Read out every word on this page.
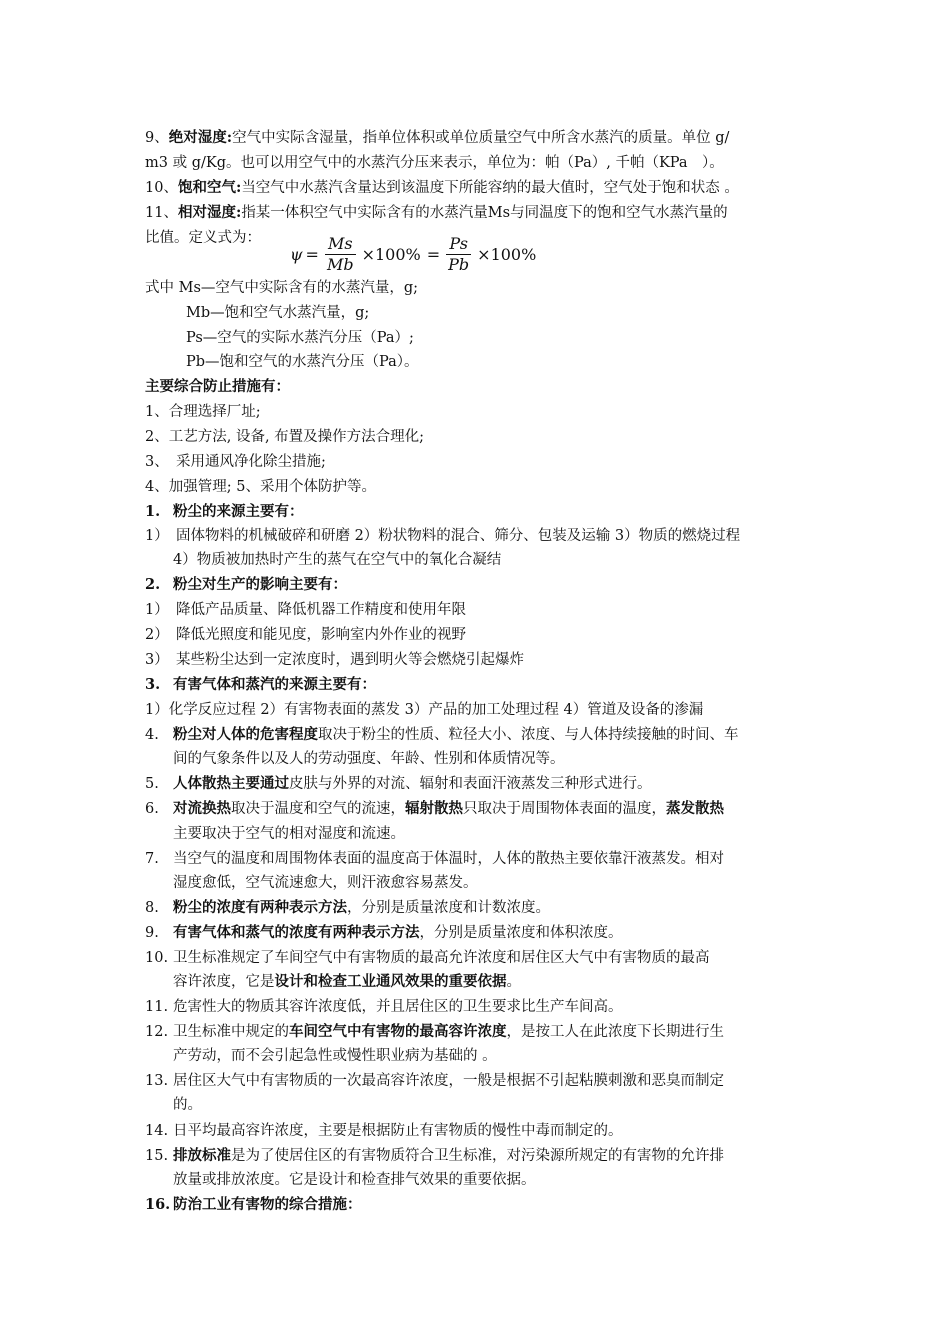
9、绝对湿度:空气中实际含湿量，指单位体积或单位质量空气中所含水蒸汽的质量。单位 g/
m3 或 g/Kg。也可以用空气中的水蒸汽分压来表示，单位为：帕（Pa）, 千帕（KPa　）。
10、饱和空气:当空气中水蒸汽含量达到该温度下所能容纳的最大值时，空气处于饱和状态 。
11、相对湿度:指某一体积空气中实际含有的水蒸汽量Ms与同温度下的饱和空气水蒸汽量的
比值。定义式为：
$\psi = \frac{Ms}{Mb} \times 100\% = \frac{Ps}{Pb} \times 100\%$
式中 Ms—空气中实际含有的水蒸汽量，g;
Mb—饱和空气水蒸汽量，g;
Ps—空气的实际水蒸汽分压（Pa）;
Pb—饱和空气的水蒸汽分压（Pa）。
主要综合防止措施有：
1、合理选择厂址;
2、工艺方法, 设备, 布置及操作方法合理化;
3、　采用通风净化除尘措施;
4、加强管理; 5、采用个体防护等。
1. 粉尘的来源主要有：
1）　固体物料的机械破碎和研磨 2）粉状物料的混合、筛分、包装及运输 3）物质的燃烧过程
4）物质被加热时产生的蒸气在空气中的氧化合凝结
2. 粉尘对生产的影响主要有：
1）　降低产品质量、降低机器工作精度和使用年限
2）　降低光照度和能见度，影响室内外作业的视野
3）　某些粉尘达到一定浓度时，遇到明火等会燃烧引起爆炸
3. 有害气体和蒸汽的来源主要有：
1）化学反应过程 2）有害物表面的蒸发 3）产品的加工处理过程 4）管道及设备的渗漏
4. 粉尘对人体的危害程度取决于粉尘的性质、粒径大小、浓度、与人体持续接触的时间、车
间的气象条件以及人的劳动强度、年龄、性别和体质情况等。
5. 人体散热主要通过皮肤与外界的对流、辐射和表面汗液蒸发三种形式进行。
6. 对流换热取决于温度和空气的流速，辐射散热只取决于周围物体表面的温度，蒸发散热
主要取决于空气的相对湿度和流速。
7. 当空气的温度和周围物体表面的温度高于体温时，人体的散热主要依靠汗液蒸发。相对
湿度愈低，空气流速愈大，则汗液愈容易蒸发。
8. 粉尘的浓度有两种表示方法，分别是质量浓度和计数浓度。
9. 有害气体和蒸气的浓度有两种表示方法，分别是质量浓度和体积浓度。
10. 卫生标准规定了车间空气中有害物质的最高允许浓度和居住区大气中有害物质的最高
容许浓度，它是设计和检查工业通风效果的重要依据。
11. 危害性大的物质其容许浓度低，并且居住区的卫生要求比生产车间高。
12. 卫生标准中规定的车间空气中有害物的最高容许浓度，是按工人在此浓度下长期进行生
产劳动，而不会引起急性或慢性职业病为基础的 。
13. 居住区大气中有害物质的一次最高容许浓度，一般是根据不引起粘膜刺激和恶臭而制定
的。
14. 日平均最高容许浓度，主要是根据防止有害物质的慢性中毒而制定的。
15. 排放标准是为了使居住区的有害物质符合卫生标准，对污染源所规定的有害物的允许排
放量或排放浓度。它是设计和检查排气效果的重要依据。
16. 防治工业有害物的综合措施：
